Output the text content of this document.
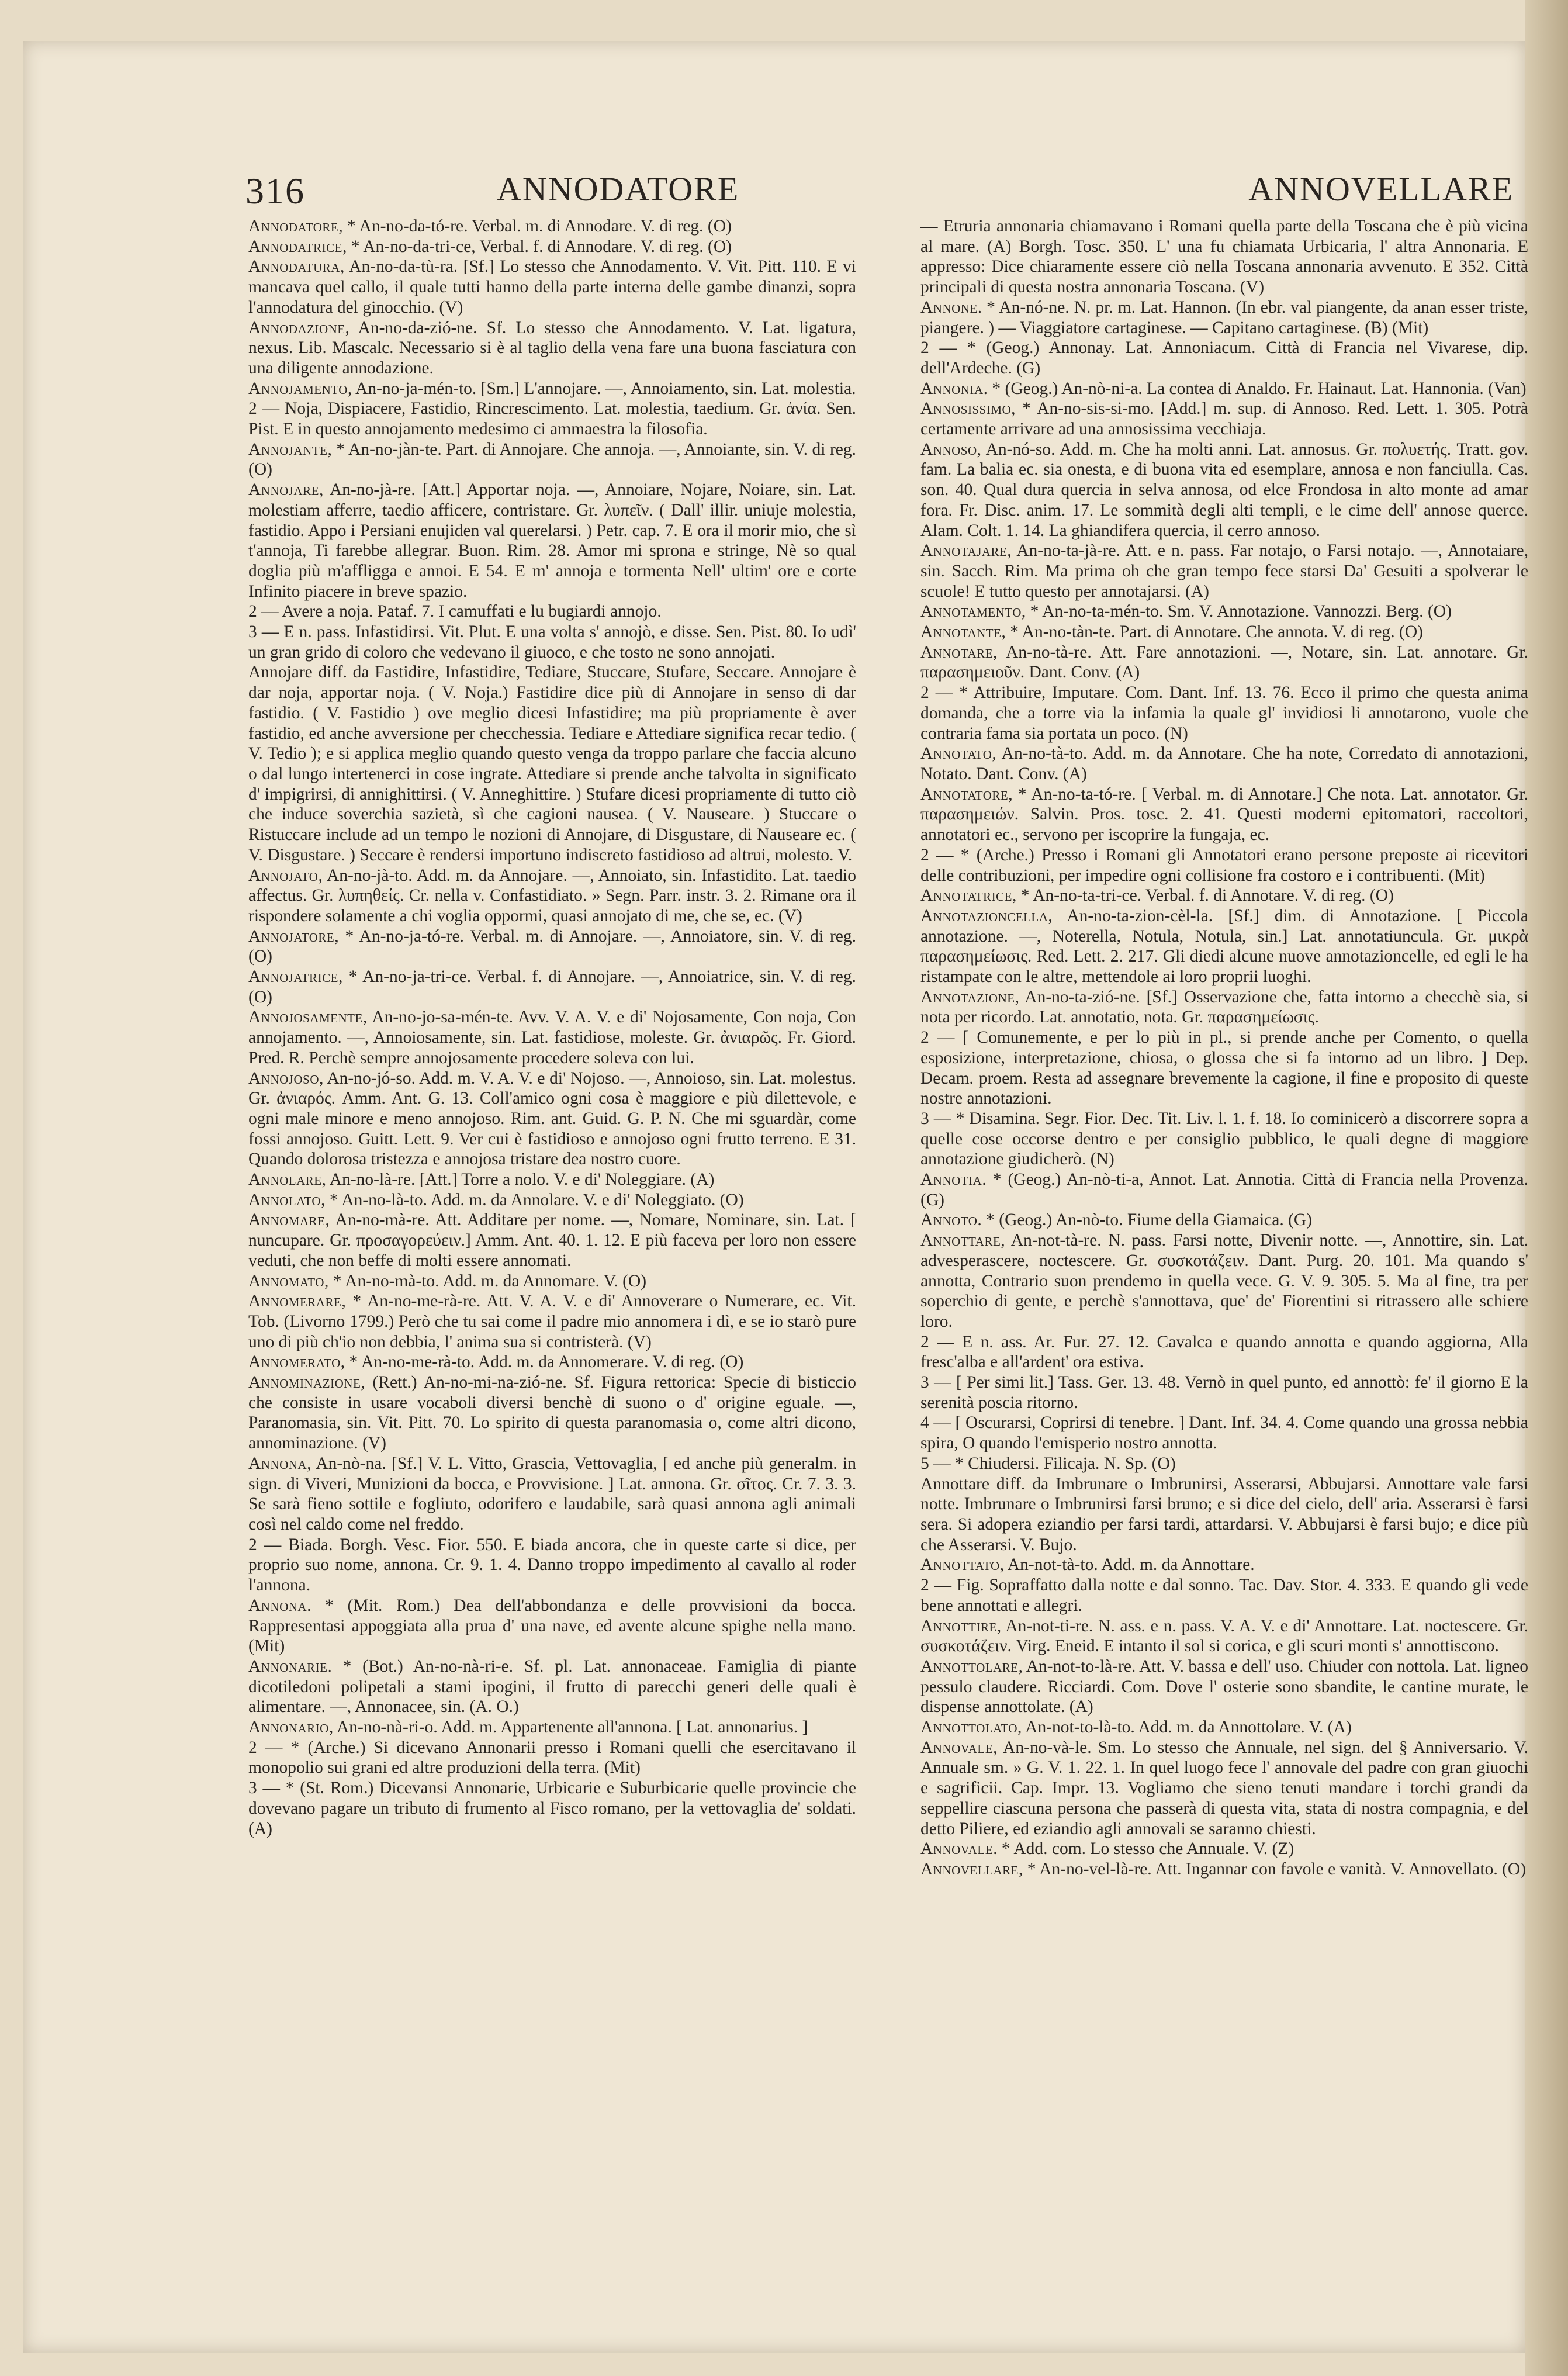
316	ANNODATORE	ANNOVELLARE

Annodatore, * An-no-da-tó-re. Verbal. m. di Annodare. V. di reg. (O)

Annodatrice, * An-no-da-tri-ce, Verbal. f. di Annodare. V. di reg. (O)

Annodatura, An-no-da-tù-ra. [Sf.] Lo stesso che Annodamento. V. Vit. Pitt. 110. E vi mancava quel callo, il quale tutti hanno della parte interna delle gambe dinanzi, sopra l'annodatura del ginocchio. (V)

Annodazione, An-no-da-zió-ne. Sf. Lo stesso che Annodamento. V. Lat. ligatura, nexus. Lib. Mascalc. Necessario si è al taglio della vena fare una buona fasciatura con una diligente annodazione.

Annojamento, An-no-ja-mén-to. [Sm.] L'annojare. —, Annoiamento, sin. Lat. molestia.

2 — Noja, Dispiacere, Fastidio, Rincrescimento. Lat. molestia, taedium. Gr. ἀνία. Sen. Pist. E in questo annojamento medesimo ci ammaestra la filosofia.

Annojante, * An-no-jàn-te. Part. di Annojare. Che annoja. —, Annoiante, sin. V. di reg. (O)

Annojare, An-no-jà-re. [Att.] Apportar noja. —, Annoiare, Nojare, Noiare, sin. Lat. molestiam afferre, taedio afficere, contristare. Gr. λυπεῖν. ( Dall' illir. uniuje molestia, fastidio. Appo i Persiani enujiden val querelarsi. ) Petr. cap. 7. E ora il morir mio, che sì t'annoja, Ti farebbe allegrar. Buon. Rim. 28. Amor mi sprona e stringe, Nè so qual doglia più m'affligga e annoi. E 54. E m' annoja e tormenta Nell' ultim' ore e corte Infinito piacere in breve spazio.

2 — Avere a noja. Pataf. 7. I camuffati e lu bugiardi annojo.

3 — E n. pass. Infastidirsi. Vit. Plut. E una volta s' annojò, e disse. Sen. Pist. 80. Io udì' un gran grido di coloro che vedevano il giuoco, e che tosto ne sono annojati.

Annojare diff. da Fastidire, Infastidire, Tediare, Stuccare, Stufare, Seccare. Annojare è dar noja, apportar noja. ( V. Noja.) Fastidire dice più di Annojare in senso di dar fastidio. ( V. Fastidio ) ove meglio dicesi Infastidire; ma più propriamente è aver fastidio, ed anche avversione per checchessia. Tediare e Attediare significa recar tedio. ( V. Tedio ); e si applica meglio quando questo venga da troppo parlare che faccia alcuno o dal lungo intertenerci in cose ingrate. Attediare si prende anche talvolta in significato d' impigrirsi, di annighittirsi. ( V. Anneghittire. ) Stufare dicesi propriamente di tutto ciò che induce soverchia sazietà, sì che cagioni nausea. ( V. Nauseare. ) Stuccare o Ristuccare include ad un tempo le nozioni di Annojare, di Disgustare, di Nauseare ec. ( V. Disgustare. ) Seccare è rendersi importuno indiscreto fastidioso ad altrui, molesto. V.

Annojato, An-no-jà-to. Add. m. da Annojare. —, Annoiato, sin. Infastidito. Lat. taedio affectus. Gr. λυπηθείς. Cr. nella v. Confastidiato. » Segn. Parr. instr. 3. 2. Rimane ora il rispondere solamente a chi voglia oppormi, quasi annojato di me, che se, ec. (V)

Annojatore, * An-no-ja-tó-re. Verbal. m. di Annojare. —, Annoiatore, sin. V. di reg. (O)

Annojatrice, * An-no-ja-tri-ce. Verbal. f. di Annojare. —, Annoiatrice, sin. V. di reg. (O)

Annojosamente, An-no-jo-sa-mén-te. Avv. V. A. V. e di' Nojosamente, Con noja, Con annojamento. —, Annoiosamente, sin. Lat. fastidiose, moleste. Gr. ἀνιαρῶς. Fr. Giord. Pred. R. Perchè sempre annojosamente procedere soleva con lui.

Annojoso, An-no-jó-so. Add. m. V. A. V. e di' Nojoso. —, Annoioso, sin. Lat. molestus. Gr. ἀνιαρός. Amm. Ant. G. 13. Coll'amico ogni cosa è maggiore e più dilettevole, e ogni male minore e meno annojoso. Rim. ant. Guid. G. P. N. Che mi sguardàr, come fossi annojoso. Guitt. Lett. 9. Ver cui è fastidioso e annojoso ogni frutto terreno. E 31. Quando dolorosa tristezza e annojosa tristare dea nostro cuore.

Annolare, An-no-là-re. [Att.] Torre a nolo. V. e di' Noleggiare. (A)

Annolato, * An-no-là-to. Add. m. da Annolare. V. e di' Noleggiato. (O)

Annomare, An-no-mà-re. Att. Additare per nome. —, Nomare, Nominare, sin. Lat. [ nuncupare. Gr. προσαγορεύειν.] Amm. Ant. 40. 1. 12. E più faceva per loro non essere veduti, che non beffe di molti essere annomati.

Annomato, * An-no-mà-to. Add. m. da Annomare. V. (O)

Annomerare, * An-no-me-rà-re. Att. V. A. V. e di' Annoverare o Numerare, ec. Vit. Tob. (Livorno 1799.) Però che tu sai come il padre mio annomera i dì, e se io starò pure uno di più ch'io non debbia, l' anima sua si contristerà. (V)

Annomerato, * An-no-me-rà-to. Add. m. da Annomerare. V. di reg. (O)

Annominazione, (Rett.) An-no-mi-na-zió-ne. Sf. Figura rettorica: Specie di bisticcio che consiste in usare vocaboli diversi benchè di suono o d' origine eguale. —, Paranomasia, sin. Vit. Pitt. 70. Lo spirito di questa paranomasia o, come altri dicono, annominazione. (V)

Annona, An-nò-na. [Sf.] V. L. Vitto, Grascia, Vettovaglia, [ ed anche più generalm. in sign. di Viveri, Munizioni da bocca, e Provvisione. ] Lat. annona. Gr. σῖτος. Cr. 7. 3. 3. Se sarà fieno sottile e fogliuto, odorifero e laudabile, sarà quasi annona agli animali così nel caldo come nel freddo.

2 — Biada. Borgh. Vesc. Fior. 550. E biada ancora, che in queste carte si dice, per proprio suo nome, annona. Cr. 9. 1. 4. Danno troppo impedimento al cavallo al roder l'annona.

Annona. * (Mit. Rom.) Dea dell'abbondanza e delle provvisioni da bocca. Rappresentasi appoggiata alla prua d' una nave, ed avente alcune spighe nella mano. (Mit)

Annonarie. * (Bot.) An-no-nà-ri-e. Sf. pl. Lat. annonaceae. Famiglia di piante dicotiledoni polipetali a stami ipogini, il frutto di parecchi generi delle quali è alimentare. —, Annonacee, sin. (A. O.)

Annonario, An-no-nà-ri-o. Add. m. Appartenente all'annona. [ Lat. annonarius. ]

2 — * (Arche.) Si dicevano Annonarii presso i Romani quelli che esercitavano il monopolio sui grani ed altre produzioni della terra. (Mit)

3 — * (St. Rom.) Dicevansi Annonarie, Urbicarie e Suburbicarie quelle provincie che dovevano pagare un tributo di frumento al Fisco romano, per la vettovaglia de' soldati. (A)

— Etruria annonaria chiamavano i Romani quella parte della Toscana che è più vicina al mare. (A) Borgh. Tosc. 350. L' una fu chiamata Urbicaria, l' altra Annonaria. E appresso: Dice chiaramente essere ciò nella Toscana annonaria avvenuto. E 352. Città principali di questa nostra annonaria Toscana. (V)

Annone. * An-nó-ne. N. pr. m. Lat. Hannon. (In ebr. val piangente, da anan esser triste, piangere. ) — Viaggiatore cartaginese. — Capitano cartaginese. (B) (Mit)

2 — * (Geog.) Annonay. Lat. Annoniacum. Città di Francia nel Vivarese, dip. dell'Ardeche. (G)

Annonia. * (Geog.) An-nò-ni-a. La contea di Analdo. Fr. Hainaut. Lat. Hannonia. (Van)

Annosissimo, * An-no-sis-si-mo. [Add.] m. sup. di Annoso. Red. Lett. 1. 305. Potrà certamente arrivare ad una annosissima vecchiaja.

Annoso, An-nó-so. Add. m. Che ha molti anni. Lat. annosus. Gr. πολυετής. Tratt. gov. fam. La balia ec. sia onesta, e di buona vita ed esemplare, annosa e non fanciulla. Cas. son. 40. Qual dura quercia in selva annosa, od elce Frondosa in alto monte ad amar fora. Fr. Disc. anim. 17. Le sommità degli alti templi, e le cime dell' annose querce. Alam. Colt. 1. 14. La ghiandifera quercia, il cerro annoso.

Annotajare, An-no-ta-jà-re. Att. e n. pass. Far notajo, o Farsi notajo. —, Annotaiare, sin. Sacch. Rim. Ma prima oh che gran tempo fece starsi Da' Gesuiti a spolverar le scuole! E tutto questo per annotajarsi. (A)

Annotamento, * An-no-ta-mén-to. Sm. V. Annotazione. Vannozzi. Berg. (O)

Annotante, * An-no-tàn-te. Part. di Annotare. Che annota. V. di reg. (O)

Annotare, An-no-tà-re. Att. Fare annotazioni. —, Notare, sin. Lat. annotare. Gr. παρασημειοῦν. Dant. Conv. (A)

2 — * Attribuire, Imputare. Com. Dant. Inf. 13. 76. Ecco il primo che questa anima domanda, che a torre via la infamia la quale gl' invidiosi li annotarono, vuole che contraria fama sia portata un poco. (N)

Annotato, An-no-tà-to. Add. m. da Annotare. Che ha note, Corredato di annotazioni, Notato. Dant. Conv. (A)

Annotatore, * An-no-ta-tó-re. [ Verbal. m. di Annotare.] Che nota. Lat. annotator. Gr. παρασημειών. Salvin. Pros. tosc. 2. 41. Questi moderni epitomatori, raccoltori, annotatori ec., servono per iscoprire la fungaja, ec.

2 — * (Arche.) Presso i Romani gli Annotatori erano persone preposte ai ricevitori delle contribuzioni, per impedire ogni collisione fra costoro e i contribuenti. (Mit)

Annotatrice, * An-no-ta-tri-ce. Verbal. f. di Annotare. V. di reg. (O)

Annotazioncella, An-no-ta-zion-cèl-la. [Sf.] dim. di Annotazione. [ Piccola annotazione. —, Noterella, Notula, Notula, sin.] Lat. annotatiuncula. Gr. μικρὰ παρασημείωσις. Red. Lett. 2. 217. Gli diedi alcune nuove annotazioncelle, ed egli le ha ristampate con le altre, mettendole ai loro proprii luoghi.

Annotazione, An-no-ta-zió-ne. [Sf.] Osservazione che, fatta intorno a checchè sia, si nota per ricordo. Lat. annotatio, nota. Gr. παρασημείωσις.

2 — [ Comunemente, e per lo più in pl., si prende anche per Comento, o quella esposizione, interpretazione, chiosa, o glossa che si fa intorno ad un libro. ] Dep. Decam. proem. Resta ad assegnare brevemente la cagione, il fine e proposito di queste nostre annotazioni.

3 — * Disamina. Segr. Fior. Dec. Tit. Liv. l. 1. f. 18. Io cominicerò a discorrere sopra a quelle cose occorse dentro e per consiglio pubblico, le quali degne di maggiore annotazione giudicherò. (N)

Annotia. * (Geog.) An-nò-ti-a, Annot. Lat. Annotia. Città di Francia nella Provenza. (G)

Annoto. * (Geog.) An-nò-to. Fiume della Giamaica. (G)

Annottare, An-not-tà-re. N. pass. Farsi notte, Divenir notte. —, Annottire, sin. Lat. advesperascere, noctescere. Gr. συσκοτάζειν. Dant. Purg. 20. 101. Ma quando s' annotta, Contrario suon prendemo in quella vece. G. V. 9. 305. 5. Ma al fine, tra per soperchio di gente, e perchè s'annottava, que' de' Fiorentini si ritrassero alle schiere loro.

2 — E n. ass. Ar. Fur. 27. 12. Cavalca e quando annotta e quando aggiorna, Alla fresc'alba e all'ardent' ora estiva.

3 — [ Per simi lit.] Tass. Ger. 13. 48. Vernò in quel punto, ed annottò: fe' il giorno E la serenità poscia ritorno.

4 — [ Oscurarsi, Coprirsi di tenebre. ] Dant. Inf. 34. 4. Come quando una grossa nebbia spira, O quando l'emisperio nostro annotta.

5 — * Chiudersi. Filicaja. N. Sp. (O)

Annottare diff. da Imbrunare o Imbrunirsi, Asserarsi, Abbujarsi. Annottare vale farsi notte. Imbrunare o Imbrunirsi farsi bruno; e si dice del cielo, dell' aria. Asserarsi è farsi sera. Si adopera eziandio per farsi tardi, attardarsi. V. Abbujarsi è farsi bujo; e dice più che Asserarsi. V. Bujo.

Annottato, An-not-tà-to. Add. m. da Annottare.

2 — Fig. Sopraffatto dalla notte e dal sonno. Tac. Dav. Stor. 4. 333. E quando gli vede bene annottati e allegri.

Annottire, An-not-ti-re. N. ass. e n. pass. V. A. V. e di' Annottare. Lat. noctescere. Gr. συσκοτάζειν. Virg. Eneid. E intanto il sol si corica, e gli scuri monti s' annottiscono.

Annottolare, An-not-to-là-re. Att. V. bassa e dell' uso. Chiuder con nottola. Lat. ligneo pessulo claudere. Ricciardi. Com. Dove l' osterie sono sbandite, le cantine murate, le dispense annottolate. (A)

Annottolato, An-not-to-là-to. Add. m. da Annottolare. V. (A)

Annovale, An-no-và-le. Sm. Lo stesso che Annuale, nel sign. del § Anniversario. V. Annuale sm. » G. V. 1. 22. 1. In quel luogo fece l' annovale del padre con gran giuochi e sagrificii. Cap. Impr. 13. Vogliamo che sieno tenuti mandare i torchi grandi da seppellire ciascuna persona che passerà di questa vita, stata di nostra compagnia, e del detto Piliere, ed eziandio agli annovali se saranno chiesti.

Annovale. * Add. com. Lo stesso che Annuale. V. (Z)

Annovellare, * An-no-vel-là-re. Att. Ingannar con favole e vanità. V. Annovellato. (O)
